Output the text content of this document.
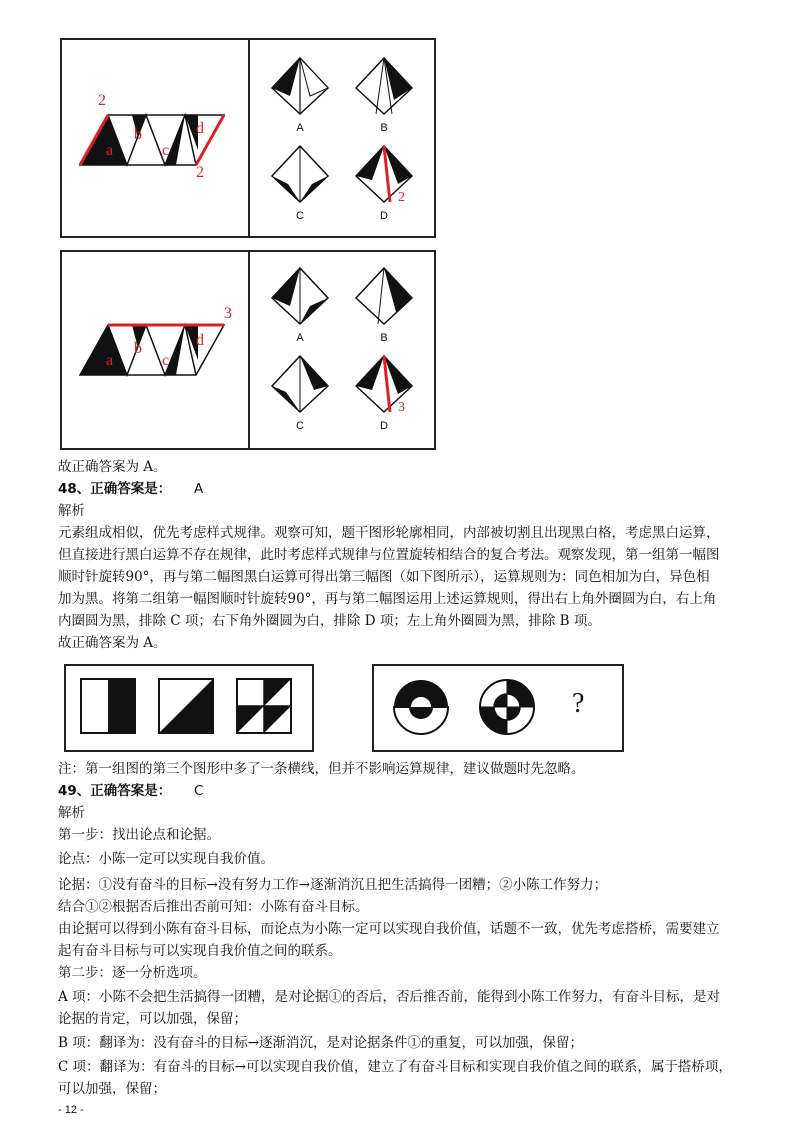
2
2
a
b
c
d	A	B
C
2
D
3
a
b
c
d	A	B
C
3
D
故正确答案为 A。
48、正确答案是： A
解析
元素组成相似，优先考虑样式规律。观察可知，题干图形轮廓相同，内部被切割且出现黑白格，考虑黑白运算，
但直接进行黑白运算不存在规律，此时考虑样式规律与位置旋转相结合的复合考法。观察发现，第一组第一幅图
顺时针旋转90°，再与第二幅图黑白运算可得出第三幅图（如下图所示），运算规则为：同色相加为白，异色相
加为黑。将第二组第一幅图顺时针旋转90°，再与第二幅图运用上述运算规则，得出右上角外圈圆为白，右上角
内圈圆为黑，排除 C 项；右下角外圈圆为白，排除 D 项；左上角外圈圆为黑，排除 B 项。
故正确答案为 A。
?
注：第一组图的第三个图形中多了一条横线，但并不影响运算规律，建议做题时先忽略。
49、正确答案是： C
解析
第一步：找出论点和论据。
论点：小陈一定可以实现自我价值。
论据：①没有奋斗的目标→没有努力工作→逐渐消沉且把生活搞得一团糟；②小陈工作努力；
结合①②根据否后推出否前可知：小陈有奋斗目标。
由论据可以得到小陈有奋斗目标，而论点为小陈一定可以实现自我价值，话题不一致，优先考虑搭桥，需要建立
起有奋斗目标与可以实现自我价值之间的联系。
第二步：逐一分析选项。
A 项：小陈不会把生活搞得一团糟，是对论据①的否后，否后推否前，能得到小陈工作努力，有奋斗目标，是对
论据的肯定，可以加强，保留；
B 项：翻译为：没有奋斗的目标→逐渐消沉，是对论据条件①的重复，可以加强，保留；
C 项：翻译为：有奋斗的目标→可以实现自我价值，建立了有奋斗目标和实现自我价值之间的联系，属于搭桥项，
可以加强，保留；
- 12 -
